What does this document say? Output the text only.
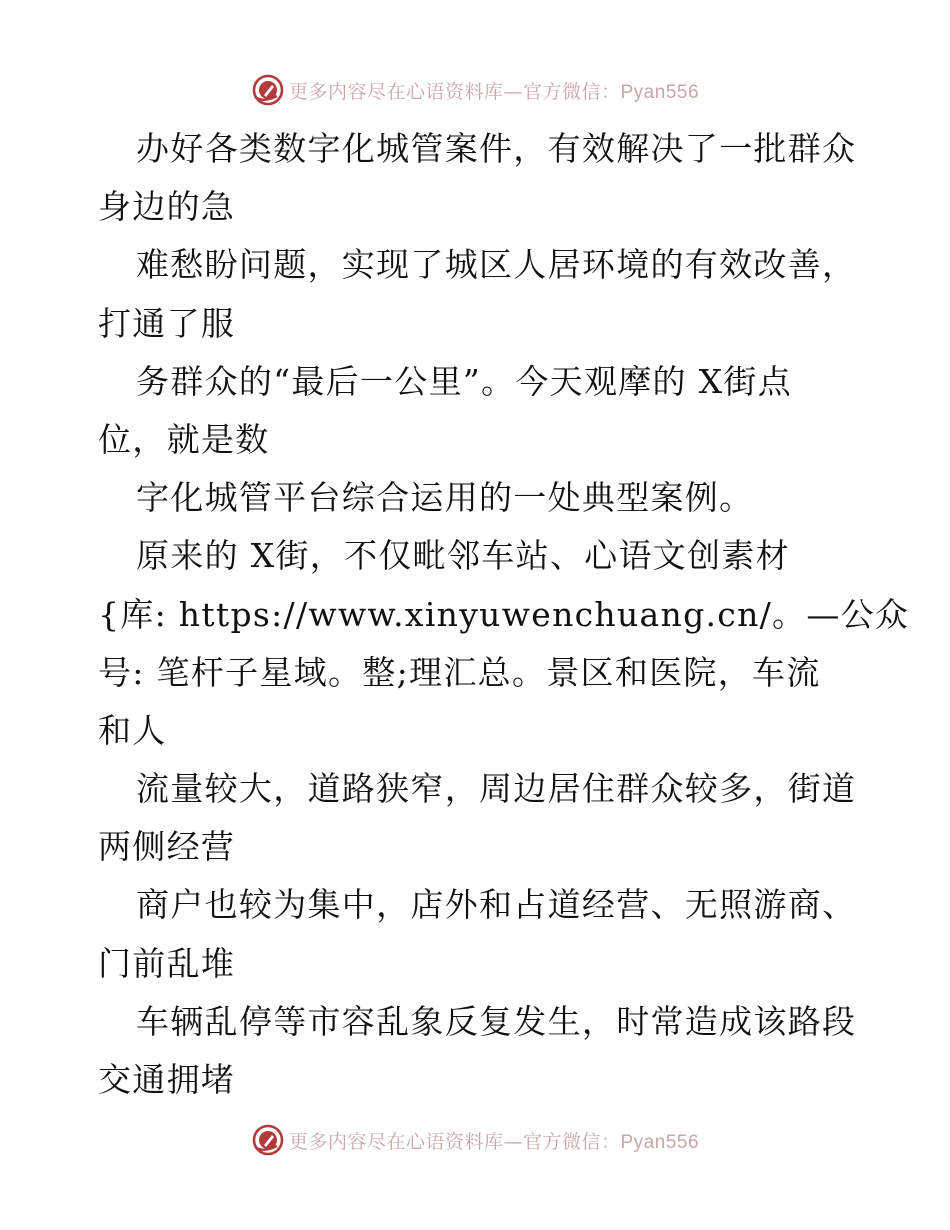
更多内容尽在心语资料库—官方微信：Pyan556
办好各类数字化城管案件，有效解决了一批群众
身边的急
难愁盼问题，实现了城区人居环境的有效改善，
打通了服
务群众的“最后一公里”。今天观摩的 X街点
位，就是数
字化城管平台综合运用的一处典型案例。
原来的 X街，不仅毗邻车站、心语文创素材
{库: https://www.xinyuwenchuang.cn/。—公众
号: 笔杆子星域。整;理汇总。景区和医院，车流
和人
流量较大，道路狭窄，周边居住群众较多，街道
两侧经营
商户也较为集中，店外和占道经营、无照游商、
门前乱堆
车辆乱停等市容乱象反复发生，时常造成该路段
交通拥堵
更多内容尽在心语资料库—官方微信：Pyan556
